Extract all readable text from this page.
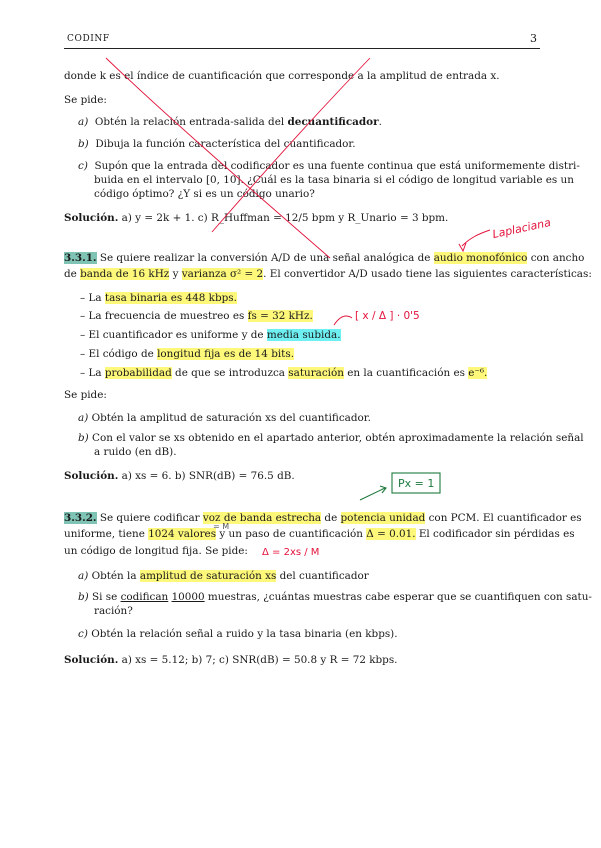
CODINF	3
donde k es el índice de cuantificación que corresponde a la amplitud de entrada x.
Se pide:
a) Obtén la relación entrada-salida del decuantificador.
b) Dibuja la función característica del cuantificador.
c) Supón que la entrada del codificador es una fuente continua que está uniformemente distri-
buida en el intervalo [0, 10]. ¿Cuál es la tasa binaria si el código de longitud variable es un
código óptimo? ¿Y si es un código unario?
Solución. a) y = 2k + 1. c) R_Huffman = 12/5 bpm y R_Unario = 3 bpm.
3.3.1. Se quiere realizar la conversión A/D de una señal analógica de audio monofónico con ancho
de banda de 16 kHz y varianza σ² = 2. El convertidor A/D usado tiene las siguientes características:
– La tasa binaria es 448 kbps.
– La frecuencia de muestreo es fs = 32 kHz.
– El cuantificador es uniforme y de media subida.
– El código de longitud fija es de 14 bits.
– La probabilidad de que se introduzca saturación en la cuantificación es e⁻⁶.
Se pide:
a) Obtén la amplitud de saturación xs del cuantificador.
b) Con el valor se xs obtenido en el apartado anterior, obtén aproximadamente la relación señal
a ruido (en dB).
Solución. a) xs = 6. b) SNR(dB) = 76.5 dB.
3.3.2. Se quiere codificar voz de banda estrecha de potencia unidad con PCM. El cuantificador es
uniforme, tiene 1024 valores y un paso de cuantificación Δ = 0.01. El codificador sin pérdidas es
un código de longitud fija. Se pide:
a) Obtén la amplitud de saturación xs del cuantificador
b) Si se codifican 10000 muestras, ¿cuántas muestras cabe esperar que se cuantifiquen con satu-
ración?
c) Obtén la relación señal a ruido y la tasa binaria (en kbps).
Solución. a) xs = 5.12; b) 7; c) SNR(dB) = 50.8 y R = 72 kbps.
Laplaciana
[ x / Δ ] · 0'5
Px = 1
Δ = 2xs / M
= M
